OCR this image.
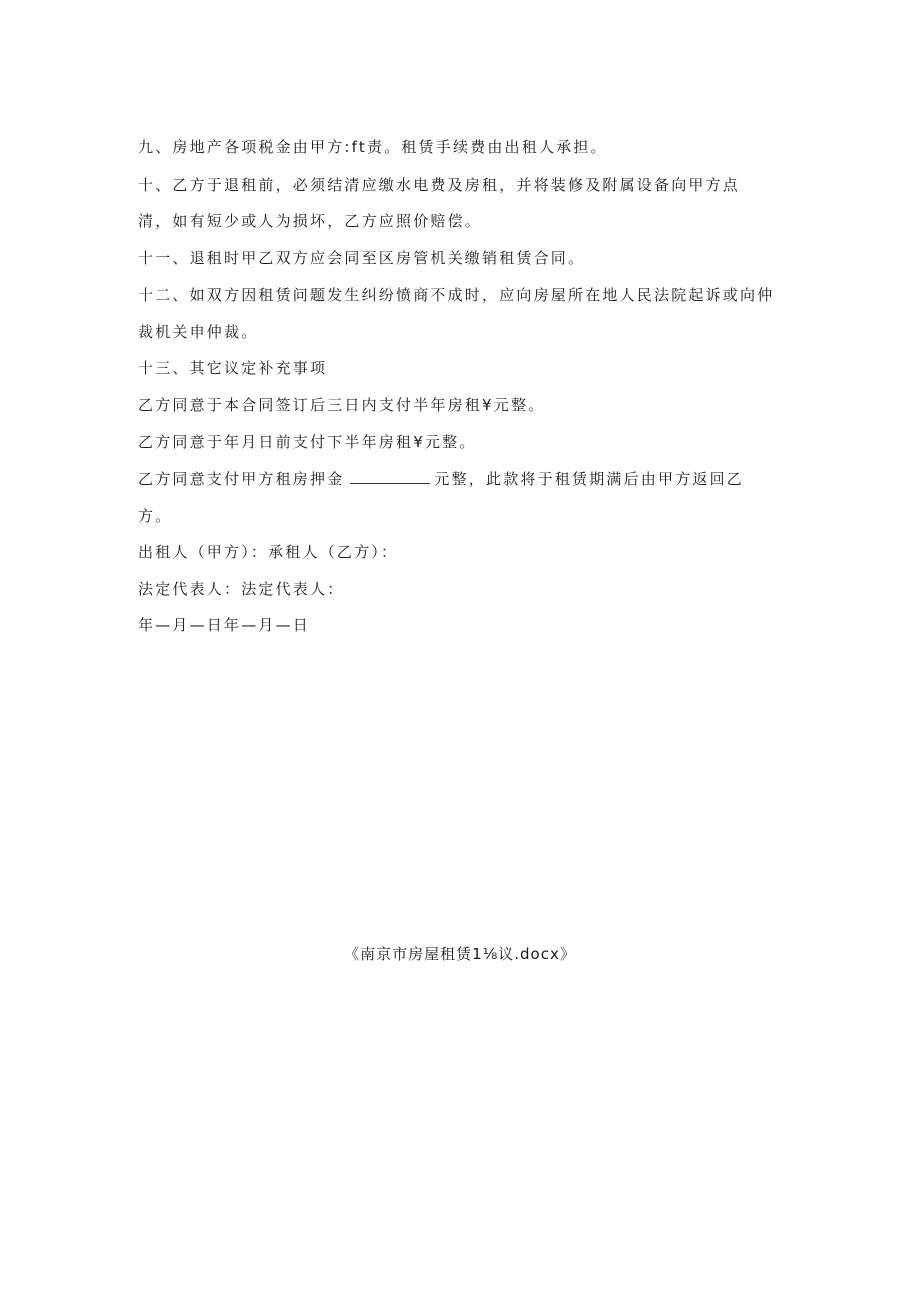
九、房地产各项税金由甲方:ft责。租赁手续费由出租人承担。
十、乙方于退租前，必须结清应缴水电费及房租，并将装修及附属设备向甲方点
清，如有短少或人为损坏，乙方应照价赔偿。
十一、退租时甲乙双方应会同至区房管机关缴销租赁合同。
十二、如双方因租赁问题发生纠纷愤商不成时，应向房屋所在地人民法院起诉或向仲
裁机关申仲裁。
十三、其它议定补充事项
乙方同意于本合同签订后三日内支付半年房租¥元整。
乙方同意于年月日前支付下半年房租¥元整。
乙方同意支付甲方租房押金	元整，此款将于租赁期满后由甲方返回乙
方。
出租人（甲方）：承租人（乙方）：
法定代表人：法定代表人：
年—月—日年—月—日
《南京市房屋租赁1⅛议.docx》
